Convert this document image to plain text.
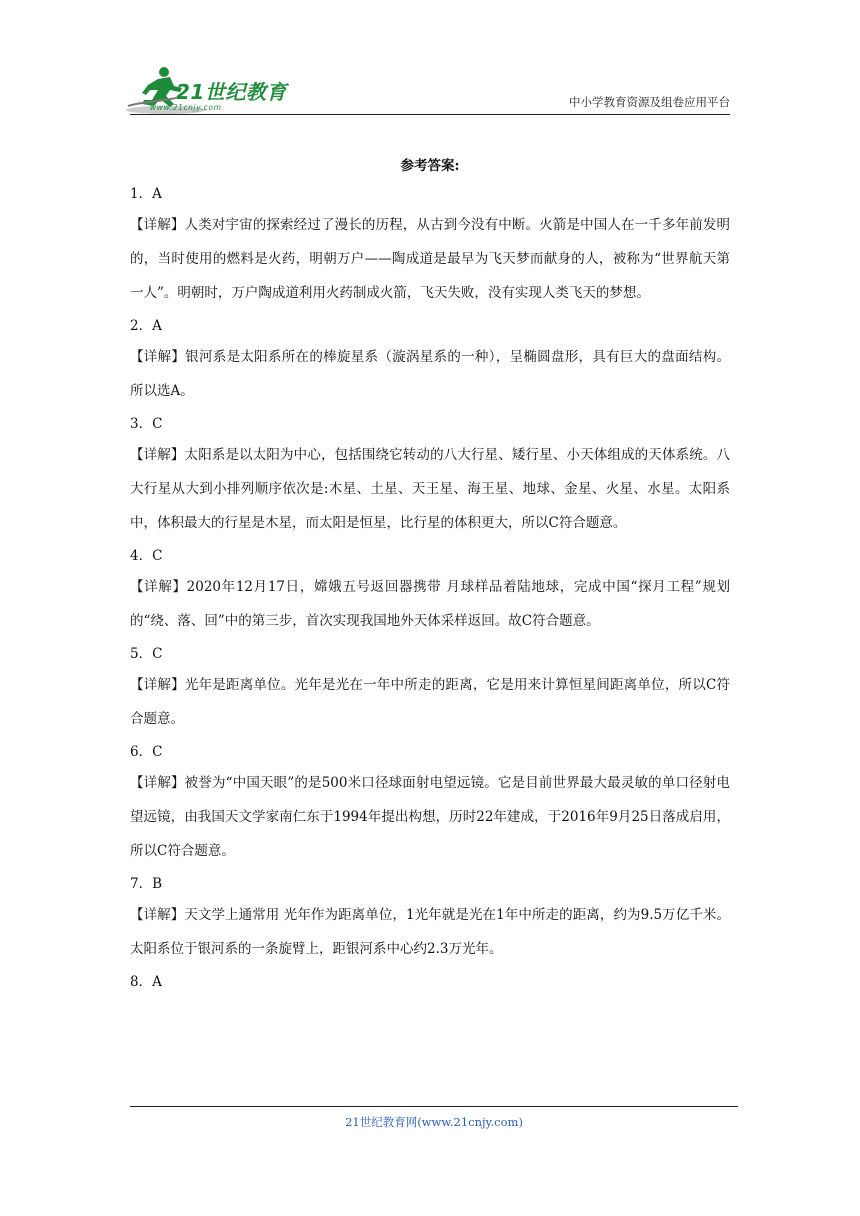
21世纪教育
www.21cnjy.com	中小学教育资源及组卷应用平台
参考答案:
1．A
【详解】人类对宇宙的探索经过了漫长的历程，从古到今没有中断。火箭是中国人在一千多年前发明的，当时使用的燃料是火药，明朝万户——陶成道是最早为飞天梦而献身的人，被称为“世界航天第一人”。明朝时，万户陶成道利用火药制成火箭，飞天失败，没有实现人类飞天的梦想。
2．A
【详解】银河系是太阳系所在的棒旋星系（漩涡星系的一种），呈椭圆盘形，具有巨大的盘面结构。所以选A。
3．C
【详解】太阳系是以太阳为中心，包括围绕它转动的八大行星、矮行星、小天体组成的天体系统。八大行星从大到小排列顺序依次是:木星、土星、天王星、海王星、地球、金星、火星、水星。太阳系中，体积最大的行星是木星，而太阳是恒星，比行星的体积更大，所以C符合题意。
4．C
【详解】2020年12月17日，嫦娥五号返回器携带 月球样品着陆地球，完成中国“探月工程”规划的“绕、落、回”中的第三步，首次实现我国地外天体采样返回。故C符合题意。
5．C
【详解】光年是距离单位。光年是光在一年中所走的距离，它是用来计算恒星间距离单位，所以C符合题意。
6．C
【详解】被誉为“中国天眼”的是500米口径球面射电望远镜。它是目前世界最大最灵敏的单口径射电望远镜，由我国天文学家南仁东于1994年提出构想，历时22年建成，于2016年9月25日落成启用，所以C符合题意。
7．B
【详解】天文学上通常用 光年作为距离单位，1光年就是光在1年中所走的距离，约为9.5万亿千米。太阳系位于银河系的一条旋臂上，距银河系中心约2.3万光年。
8．A
21世纪教育网(www.21cnjy.com)
